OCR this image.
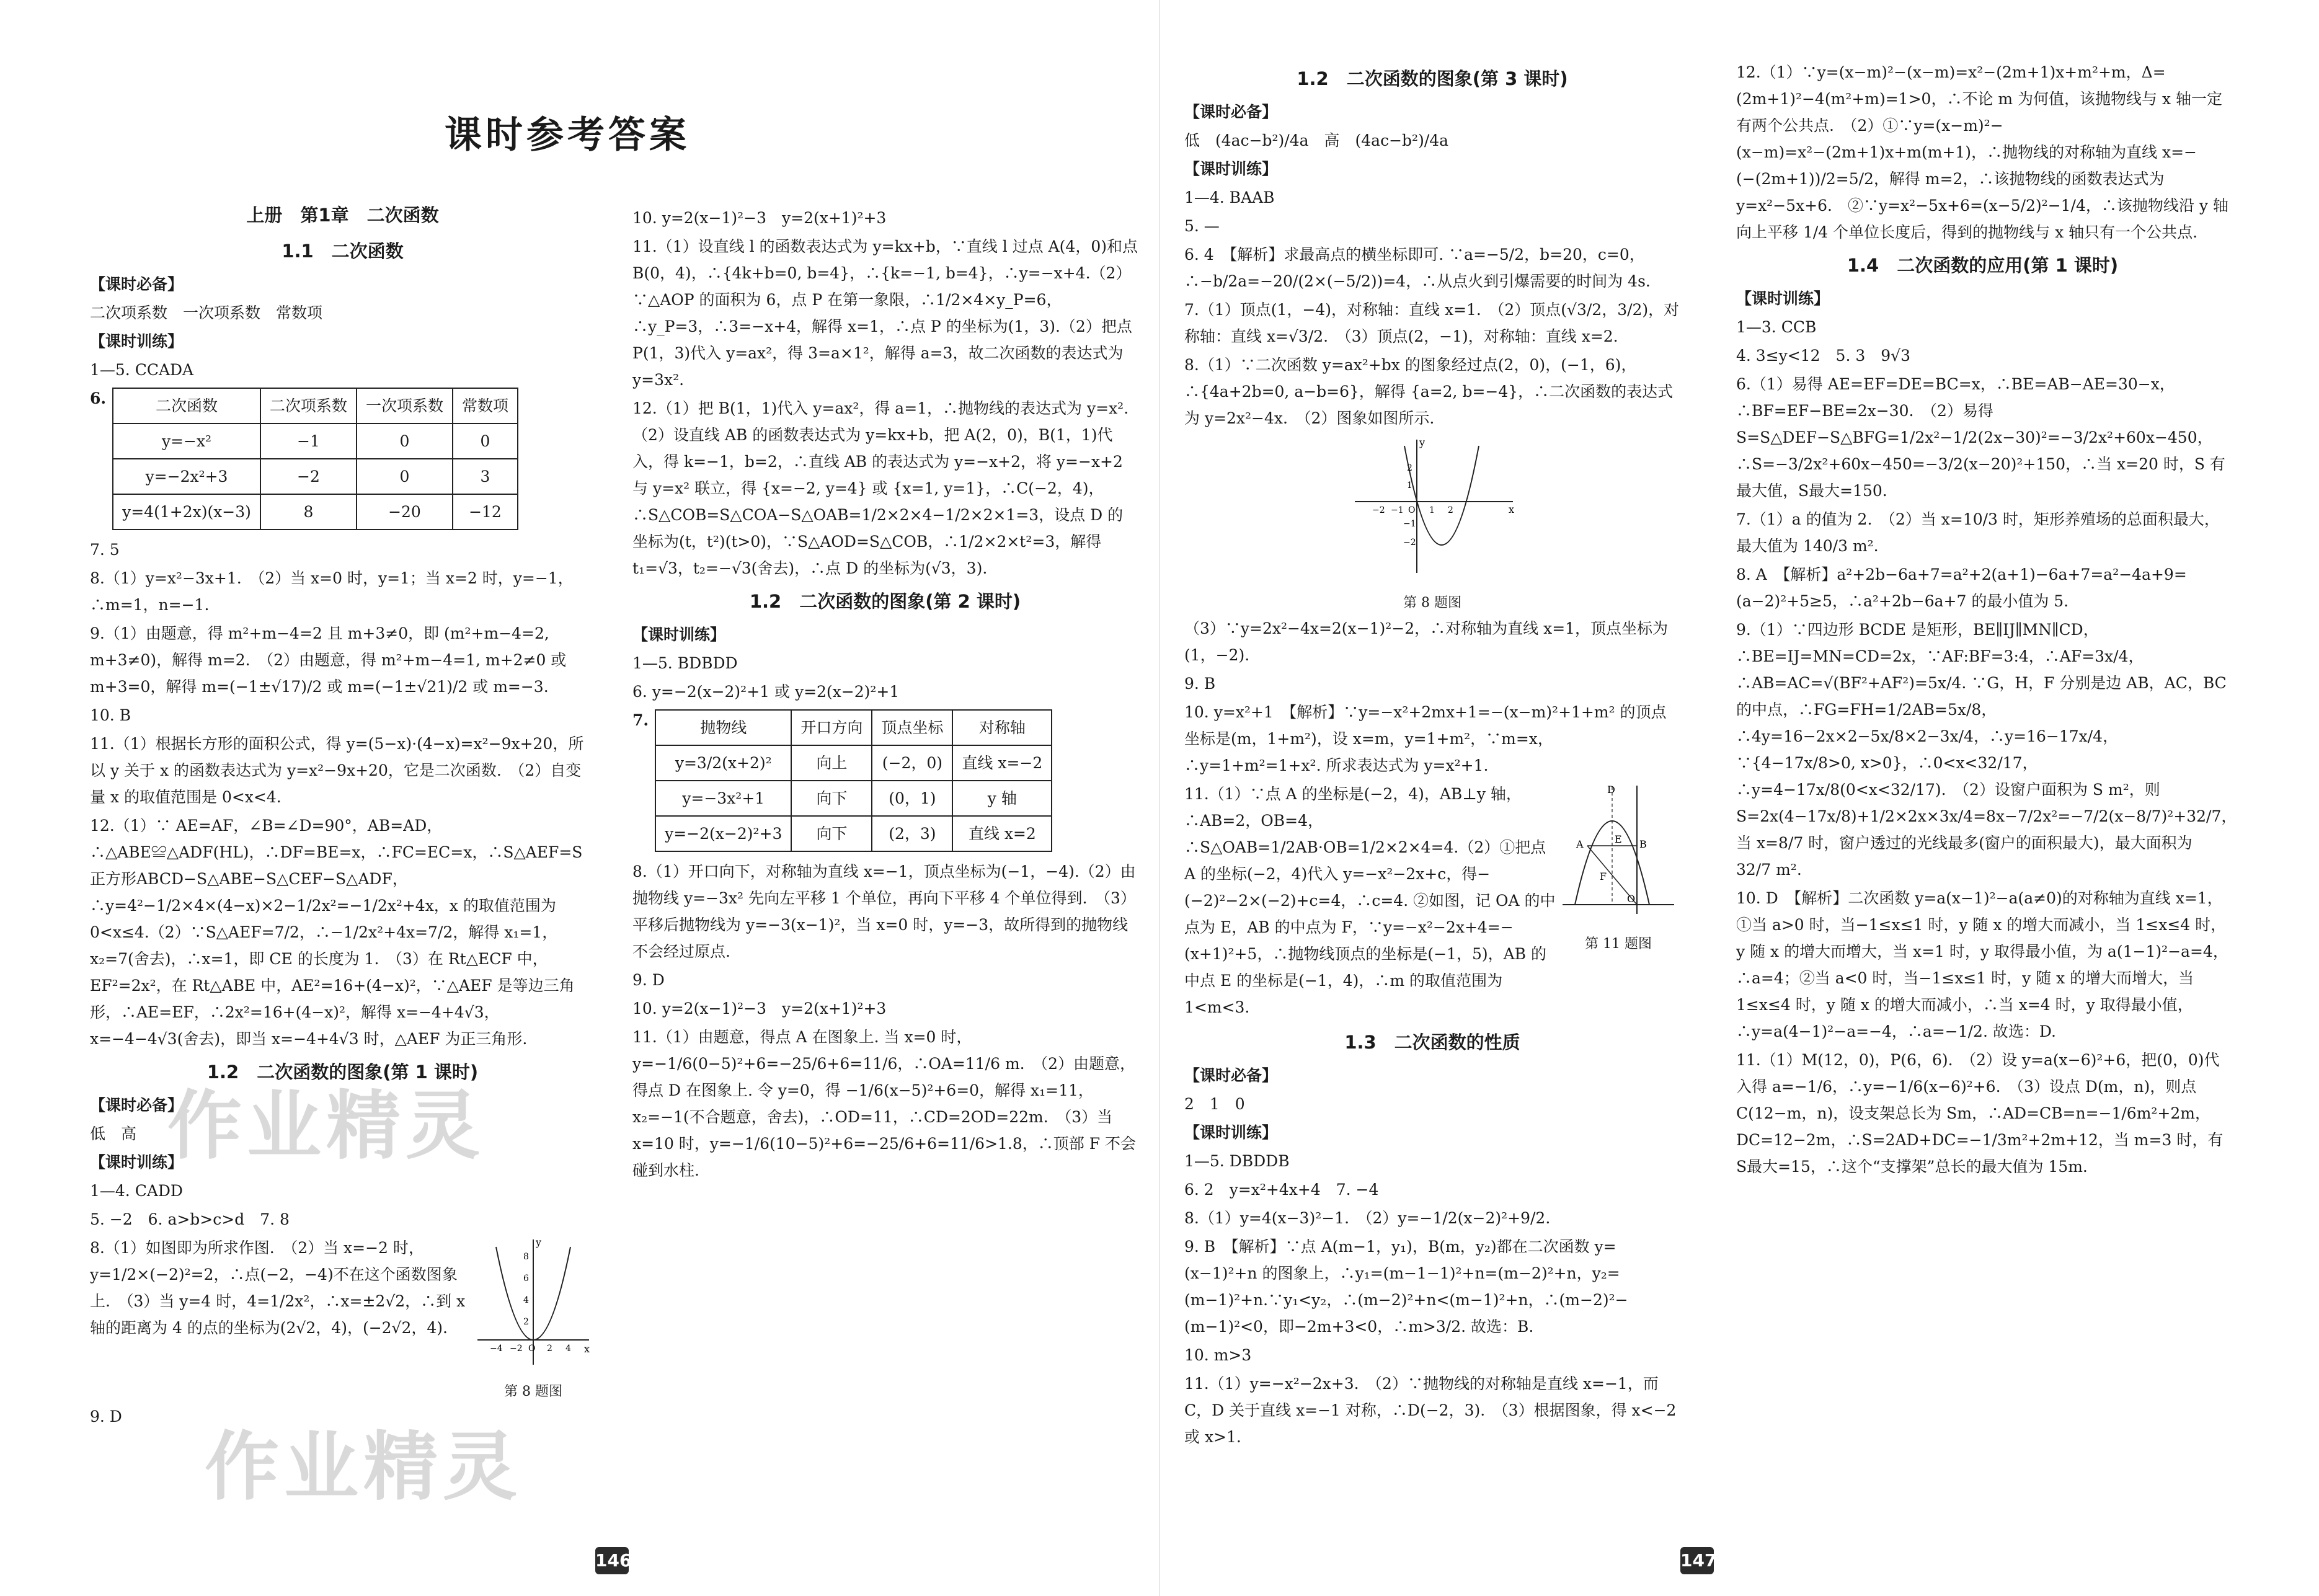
课时参考答案
上册　第1章　二次函数
1.1　二次函数

【课时必备】

二次项系数　一次项系数　常数项

【课时训练】

1—5. CCADA

6.	二次函数	二次项系数	一次项系数	常数项
y=−x²	−1	0	0
y=−2x²+3	−2	0	3
y=4(1+2x)(x−3)	8	−20	−12

7. 5

8.（1）y=x²−3x+1.　（2）当 x=0 时，y=1；当 x=2 时，y=−1，∴m=1，n=−1.

9.（1）由题意，得 m²+m−4=2 且 m+3≠0，即 (m²+m−4=2, m+3≠0)，解得 m=2.　（2）由题意，得 m²+m−4=1, m+2≠0 或 m+3=0，解得 m=(−1±√17)/2 或 m=(−1±√21)/2 或 m=−3.

10. B

11.（1）根据长方形的面积公式，得 y=(5−x)·(4−x)=x²−9x+20，所以 y 关于 x 的函数表达式为 y=x²−9x+20，它是二次函数.　（2）自变量 x 的取值范围是 0<x<4.

12.（1）∵ AE=AF，∠B=∠D=90°，AB=AD，∴△ABE≌△ADF(HL)，∴DF=BE=x，∴FC=EC=x，∴S△AEF=S正方形ABCD−S△ABE−S△CEF−S△ADF，∴y=4²−1/2×4×(4−x)×2−1/2x²=−1/2x²+4x，x 的取值范围为 0<x≤4.（2）∵S△AEF=7/2，∴−1/2x²+4x=7/2，解得 x₁=1，x₂=7(舍去)，∴x=1，即 CE 的长度为 1.　（3）在 Rt△ECF 中，EF²=2x²，在 Rt△ABE 中，AE²=16+(4−x)²，∵△AEF 是等边三角形，∴AE=EF，∴2x²=16+(4−x)²，解得 x=−4+4√3，x=−4−4√3(舍去)，即当 x=−4+4√3 时，△AEF 为正三角形.

1.2　二次函数的图象(第 1 课时)

【课时必备】

低　高

【课时训练】

1—4. CADD

5. −2　6. a>b>c>d　7. 8

8.（1）如图即为所求作图.　（2）当 x=−2 时，y=1/2×(−2)²=2，∴点(−2，−4)不在这个函数图象上.　（3）当 y=4 时，4=1/2x²，∴x=±2√2，∴到 x 轴的距离为 4 的点的坐标为(2√2，4)，(−2√2，4).

y
x
8
6
4
2
−4 −2 O 2 4
第 8 题图

9. D

10. y=2(x−1)²−3　y=2(x+1)²+3

11.（1）设直线 l 的函数表达式为 y=kx+b，∵直线 l 过点 A(4，0)和点 B(0，4)，∴{4k+b=0, b=4}，∴{k=−1, b=4}，∴y=−x+4.（2）∵△AOP 的面积为 6，点 P 在第一象限，∴1/2×4×y_P=6，∴y_P=3，∴3=−x+4，解得 x=1，∴点 P 的坐标为(1，3).（2）把点 P(1，3)代入 y=ax²，得 3=a×1²，解得 a=3，故二次函数的表达式为 y=3x².

12.（1）把 B(1，1)代入 y=ax²，得 a=1，∴抛物线的表达式为 y=x².　（2）设直线 AB 的函数表达式为 y=kx+b，把 A(2，0)，B(1，1)代入，得 k=−1，b=2，∴直线 AB 的表达式为 y=−x+2，将 y=−x+2 与 y=x² 联立，得 {x=−2, y=4} 或 {x=1, y=1}，∴C(−2，4)，∴S△COB=S△COA−S△OAB=1/2×2×4−1/2×2×1=3，设点 D 的坐标为(t，t²)(t>0)，∵S△AOD=S△COB，∴1/2×2×t²=3，解得 t₁=√3，t₂=−√3(舍去)，∴点 D 的坐标为(√3，3).

1.2　二次函数的图象(第 2 课时)

【课时训练】

1—5. BDBDD

6. y=−2(x−2)²+1 或 y=2(x−2)²+1

7.	抛物线	开口方向	顶点坐标	对称轴
y=3/2(x+2)²	向上	(−2，0)	直线 x=−2
y=−3x²+1	向下	(0，1)	y 轴
y=−2(x−2)²+3	向下	(2，3)	直线 x=2

8.（1）开口向下，对称轴为直线 x=−1，顶点坐标为(−1，−4).（2）由抛物线 y=−3x² 先向左平移 1 个单位，再向下平移 4 个单位得到.　（3）平移后抛物线为 y=−3(x−1)²，当 x=0 时，y=−3，故所得到的抛物线不会经过原点.

9. D

10. y=2(x−1)²−3　y=2(x+1)²+3

11.（1）由题意，得点 A 在图象上. 当 x=0 时，y=−1/6(0−5)²+6=−25/6+6=11/6，∴OA=11/6 m.　（2）由题意，得点 D 在图象上. 令 y=0，得 −1/6(x−5)²+6=0，解得 x₁=11，x₂=−1(不合题意，舍去)，∴OD=11，∴CD=2OD=22m.　（3）当 x=10 时，y=−1/6(10−5)²+6=−25/6+6=11/6>1.8，∴顶部 F 不会碰到水柱.

作业精灵
作业精灵
146
1.2　二次函数的图象(第 3 课时)

【课时必备】

低　(4ac−b²)/4a　高　(4ac−b²)/4a

【课时训练】

1—4. BAAB

5. —

6. 4　【解析】求最高点的横坐标即可. ∵a=−5/2，b=20，c=0，∴−b/2a=−20/(2×(−5/2))=4，∴从点火到引爆需要的时间为 4s.

7.（1）顶点(1，−4)，对称轴：直线 x=1.　（2）顶点(√3/2，3/2)，对称轴：直线 x=√3/2.　（3）顶点(2，−1)，对称轴：直线 x=2.

8.（1）∵二次函数 y=ax²+bx 的图象经过点(2，0)，(−1，6)，∴{4a+2b=0, a−b=6}，解得 {a=2, b=−4}，∴二次函数的表达式为 y=2x²−4x.　（2）图象如图所示.

y
x
2
1
−2 −1 O 1 2
−1
−2
第 8 题图

（3）∵y=2x²−4x=2(x−1)²−2，∴对称轴为直线 x=1，顶点坐标为(1，−2).

9. B

10. y=x²+1　【解析】∵y=−x²+2mx+1=−(x−m)²+1+m² 的顶点坐标是(m，1+m²)，设 x=m，y=1+m²，∵m=x，∴y=1+m²=1+x². 所求表达式为 y=x²+1.

11.（1）∵点 A 的坐标是(−2，4)，AB⊥y 轴，∴AB=2，OB=4，∴S△OAB=1/2AB·OB=1/2×2×4=4.（2）①把点 A 的坐标(−2，4)代入 y=−x²−2x+c，得−(−2)²−2×(−2)+c=4，∴c=4. ②如图，记 OA 的中点为 E，AB 的中点为 F，∵y=−x²−2x+4=−(x+1)²+5，∴抛物线顶点的坐标是(−1，5)，AB 的中点 E 的坐标是(−1，4)，∴m 的取值范围为 1<m<3.

D
A	E B
F
O
第 11 题图
1.3　二次函数的性质

【课时必备】

2　1　0

【课时训练】

1—5. DBDDB

6. 2　y=x²+4x+4　7. −4

8.（1）y=4(x−3)²−1.　（2）y=−1/2(x−2)²+9/2.

9. B　【解析】∵点 A(m−1，y₁)，B(m，y₂)都在二次函数 y=(x−1)²+n 的图象上，∴y₁=(m−1−1)²+n=(m−2)²+n，y₂=(m−1)²+n.∵y₁<y₂，∴(m−2)²+n<(m−1)²+n，∴(m−2)²−(m−1)²<0，即−2m+3<0，∴m>3/2. 故选：B.

10. m>3

11.（1）y=−x²−2x+3.　（2）∵抛物线的对称轴是直线 x=−1，而 C，D 关于直线 x=−1 对称，∴D(−2，3).　（3）根据图象，得 x<−2 或 x>1.

12.（1）∵y=(x−m)²−(x−m)=x²−(2m+1)x+m²+m，Δ=(2m+1)²−4(m²+m)=1>0，∴不论 m 为何值，该抛物线与 x 轴一定有两个公共点.　（2）①∵y=(x−m)²−(x−m)=x²−(2m+1)x+m(m+1)，∴抛物线的对称轴为直线 x=−(−(2m+1))/2=5/2，解得 m=2，∴该抛物线的函数表达式为 y=x²−5x+6.　②∵y=x²−5x+6=(x−5/2)²−1/4，∴该抛物线沿 y 轴向上平移 1/4 个单位长度后，得到的抛物线与 x 轴只有一个公共点.

1.4　二次函数的应用(第 1 课时)

【课时训练】

1—3. CCB

4. 3≤y<12　5. 3　9√3

6.（1）易得 AE=EF=DE=BC=x，∴BE=AB−AE=30−x，∴BF=EF−BE=2x−30.　（2）易得 S=S△DEF−S△BFG=1/2x²−1/2(2x−30)²=−3/2x²+60x−450，∴S=−3/2x²+60x−450=−3/2(x−20)²+150，∴当 x=20 时，S 有最大值，S最大=150.

7.（1）a 的值为 2.　（2）当 x=10/3 时，矩形养殖场的总面积最大，最大值为 140/3 m².

8. A　【解析】a²+2b−6a+7=a²+2(a+1)−6a+7=a²−4a+9=(a−2)²+5≥5，∴a²+2b−6a+7 的最小值为 5.

9.（1）∵四边形 BCDE 是矩形，BE∥IJ∥MN∥CD，∴BE=IJ=MN=CD=2x，∵AF:BF=3:4，∴AF=3x/4，∴AB=AC=√(BF²+AF²)=5x/4. ∵G，H，F 分别是边 AB，AC，BC 的中点，∴FG=FH=1/2AB=5x/8，∴4y=16−2x×2−5x/8×2−3x/4，∴y=16−17x/4，∵{4−17x/8>0, x>0}，∴0<x<32/17，∴y=4−17x/8(0<x<32/17).　（2）设窗户面积为 S m²，则 S=2x(4−17x/8)+1/2×2x×3x/4=8x−7/2x²=−7/2(x−8/7)²+32/7，当 x=8/7 时，窗户透过的光线最多(窗户的面积最大)，最大面积为 32/7 m².

10. D　【解析】二次函数 y=a(x−1)²−a(a≠0)的对称轴为直线 x=1，①当 a>0 时，当−1≤x≤1 时，y 随 x 的增大而减小，当 1≤x≤4 时，y 随 x 的增大而增大，当 x=1 时，y 取得最小值，为 a(1−1)²−a=4，∴a=4；②当 a<0 时，当−1≤x≤1 时，y 随 x 的增大而增大，当 1≤x≤4 时，y 随 x 的增大而减小，∴当 x=4 时，y 取得最小值，∴y=a(4−1)²−a=−4，∴a=−1/2. 故选：D.

11.（1）M(12，0)，P(6，6).　（2）设 y=a(x−6)²+6，把(0，0)代入得 a=−1/6，∴y=−1/6(x−6)²+6.　（3）设点 D(m，n)，则点 C(12−m，n)，设支架总长为 Sm，∴AD=CB=n=−1/6m²+2m，DC=12−2m，∴S=2AD+DC=−1/3m²+2m+12，当 m=3 时，有 S最大=15，∴这个“支撑架”总长的最大值为 15m.

147
